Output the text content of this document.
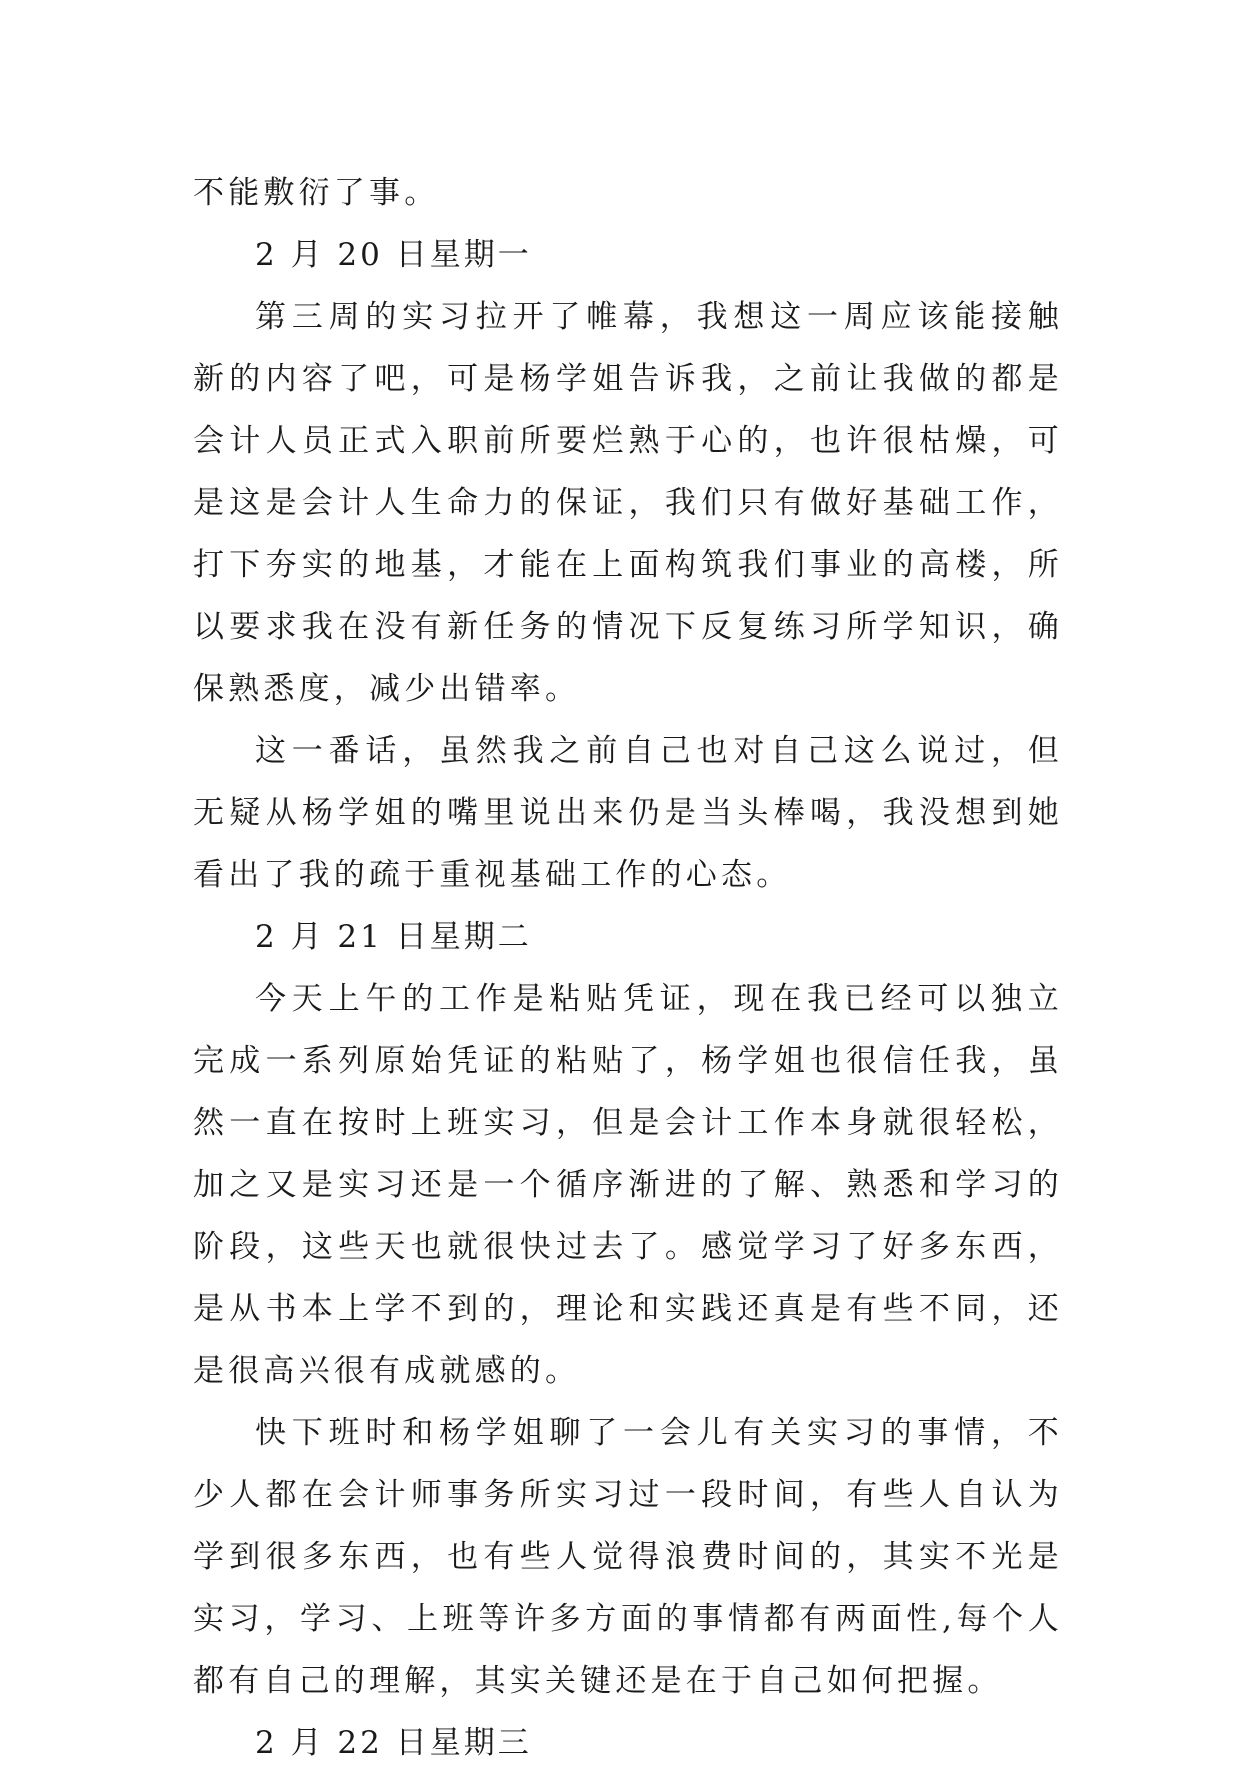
不能敷衍了事。

2 月 20 日星期一

第三周的实习拉开了帷幕，我想这一周应该能接触新的内容了吧，可是杨学姐告诉我，之前让我做的都是会计人员正式入职前所要烂熟于心的，也许很枯燥，可是这是会计人生命力的保证，我们只有做好基础工作，打下夯实的地基，才能在上面构筑我们事业的高楼，所以要求我在没有新任务的情况下反复练习所学知识，确保熟悉度，减少出错率。

这一番话，虽然我之前自己也对自己这么说过，但无疑从杨学姐的嘴里说出来仍是当头棒喝，我没想到她看出了我的疏于重视基础工作的心态。

2 月 21 日星期二

今天上午的工作是粘贴凭证，现在我已经可以独立完成一系列原始凭证的粘贴了，杨学姐也很信任我，虽然一直在按时上班实习，但是会计工作本身就很轻松，加之又是实习还是一个循序渐进的了解、熟悉和学习的阶段，这些天也就很快过去了。感觉学习了好多东西，是从书本上学不到的，理论和实践还真是有些不同，还是很高兴很有成就感的。

快下班时和杨学姐聊了一会儿有关实习的事情，不少人都在会计师事务所实习过一段时间，有些人自认为学到很多东西，也有些人觉得浪费时间的，其实不光是实习，学习、上班等许多方面的事情都有两面性,每个人都有自己的理解，其实关键还是在于自己如何把握。

2 月 22 日星期三
